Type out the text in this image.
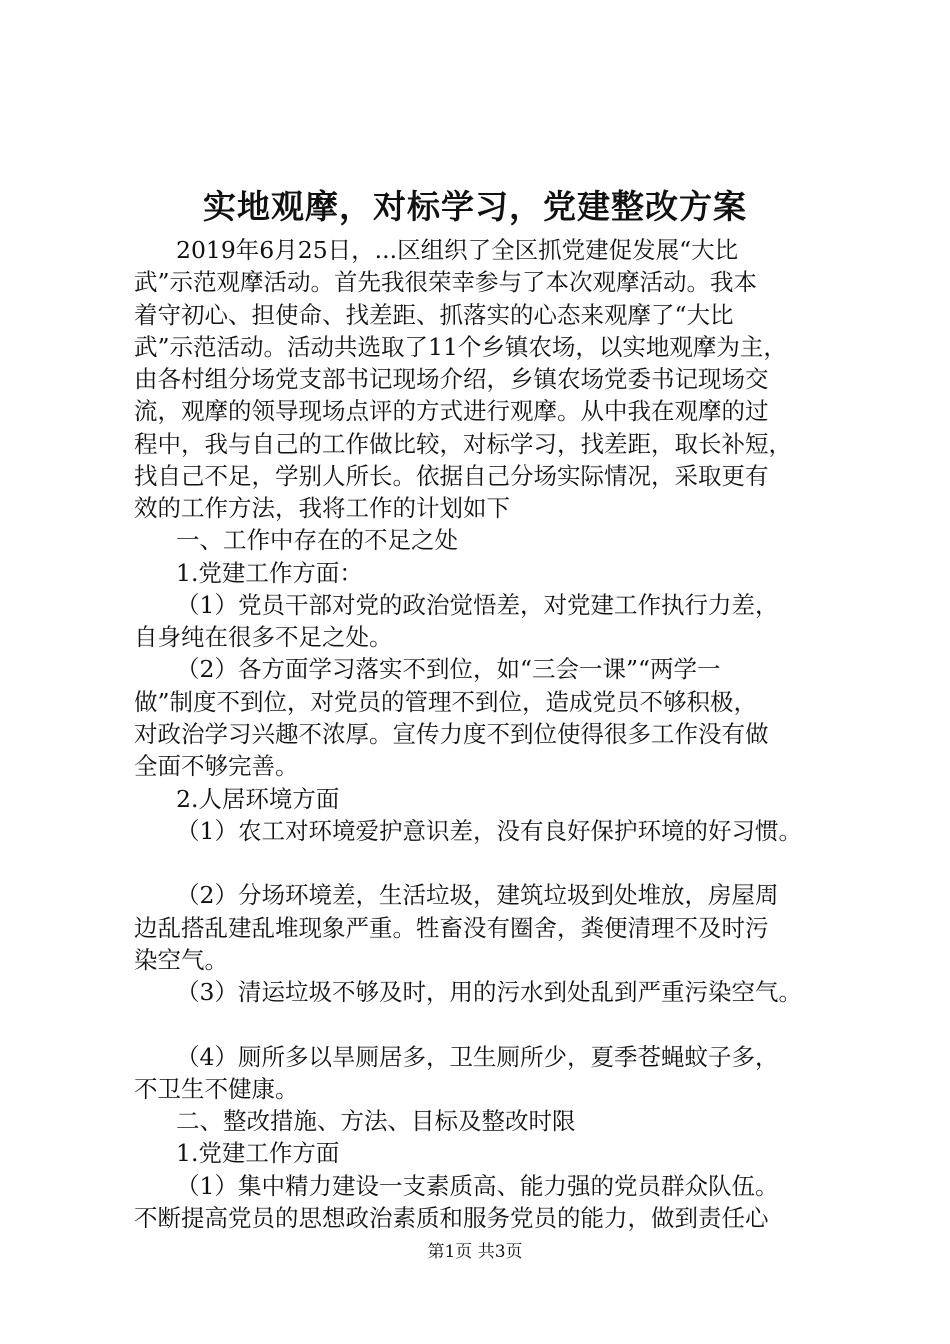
实地观摩，对标学习，党建整改方案
2019年6月25日，...区组织了全区抓党建促发展“大比
武”示范观摩活动。首先我很荣幸参与了本次观摩活动。我本
着守初心、担使命、找差距、抓落实的心态来观摩了“大比
武”示范活动。活动共选取了11个乡镇农场，以实地观摩为主，
由各村组分场党支部书记现场介绍，乡镇农场党委书记现场交
流，观摩的领导现场点评的方式进行观摩。从中我在观摩的过
程中，我与自己的工作做比较，对标学习，找差距，取长补短，
找自己不足，学别人所长。依据自己分场实际情况，采取更有
效的工作方法，我将工作的计划如下
一、工作中存在的不足之处
1.党建工作方面：
（1）党员干部对党的政治觉悟差，对党建工作执行力差，
自身纯在很多不足之处。
（2）各方面学习落实不到位，如“三会一课”“两学一
做”制度不到位，对党员的管理不到位，造成党员不够积极，
对政治学习兴趣不浓厚。宣传力度不到位使得很多工作没有做
全面不够完善。
2.人居环境方面
（1）农工对环境爱护意识差，没有良好保护环境的好习惯。
（2）分场环境差，生活垃圾，建筑垃圾到处堆放，房屋周
边乱搭乱建乱堆现象严重。牲畜没有圈舍，粪便清理不及时污
染空气。
（3）清运垃圾不够及时，用的污水到处乱到严重污染空气。
（4）厕所多以旱厕居多，卫生厕所少，夏季苍蝇蚊子多，
不卫生不健康。
二、整改措施、方法、目标及整改时限
1.党建工作方面
（1）集中精力建设一支素质高、能力强的党员群众队伍。
不断提高党员的思想政治素质和服务党员的能力，做到责任心
第1页 共3页
